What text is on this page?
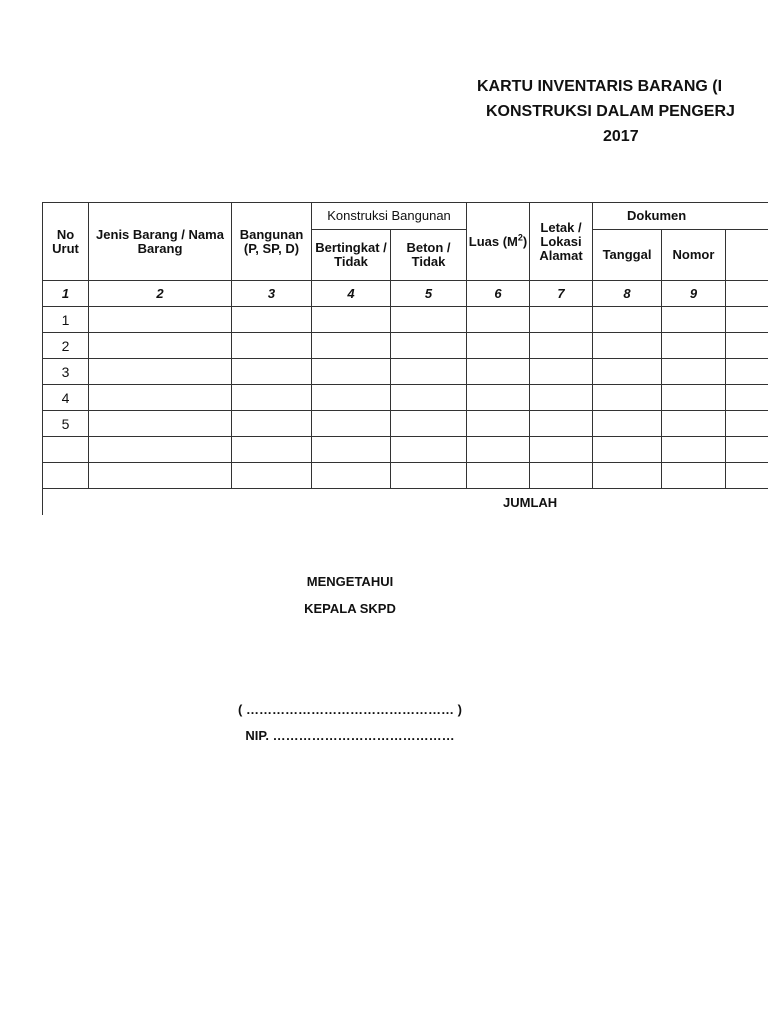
KARTU INVENTARIS BARANG (I
KONSTRUKSI DALAM PENGERJ
2017
No Urut	Jenis Barang / Nama Barang	Bangunan (P, SP, D)	Konstruksi Bangunan		Luas $(M^2)$	Letak / Lokasi Alamat	Dokumen		
			Bertingkat / Tidak	Beton / Tidak			Tanggal	Nomor	
1	2	3	4	5	6	7	8	9	
1									
2									
3									
4									
5									

JUMLAH									
MENGETAHUI
KEPALA SKPD
( ………………………………………… )
NIP. ……………………………………
